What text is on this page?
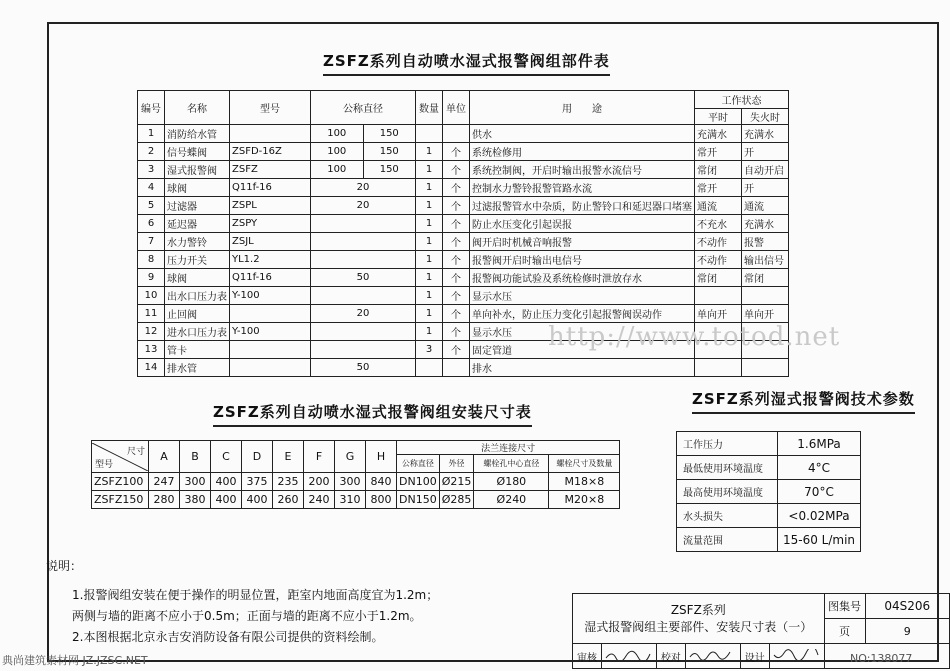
ZSFZ系列自动喷水湿式报警阀组部件表
编号	名称	型号	公称直径		数量	单位	用　　途	工作状态	
								平时	失火时
1	消防给水管		100	150			供水	充满水	充满水
2	信号蝶阀	ZSFD-16Z	100	150	1	个	系统检修用	常开	开
3	湿式报警阀	ZSFZ	100	150	1	个	系统控制阀，开启时输出报警水流信号	常闭	自动开启
4	球阀	Q11f-16	20		1	个	控制水力警铃报警管路水流	常开	开
5	过滤器	ZSPL	20		1	个	过滤报警管水中杂质，防止警铃口和延迟器口堵塞	通流	通流
6	延迟器	ZSPY			1	个	防止水压变化引起误报	不充水	充满水
7	水力警铃	ZSJL			1	个	阀开启时机械音响报警	不动作	报警
8	压力开关	YL1.2			1	个	报警阀开启时输出电信号	不动作	输出信号
9	球阀	Q11f-16	50		1	个	报警阀功能试验及系统检修时泄放存水	常闭	常闭
10	出水口压力表	Y-100			1	个	显示水压		
11	止回阀		20		1	个	单向补水，防止压力变化引起报警阀误动作	单向开	单向开
12	进水口压力表	Y-100			1	个	显示水压		
13	管卡				3	个	固定管道		
14	排水管		50				排水		
http://www.totod.net
ZSFZ系列自动喷水湿式报警阀组安装尺寸表
尺寸
型号	A	B	C	D	E	F	G	H	法兰连接尺寸			
									公称直径	外径	螺栓孔中心直径	螺栓尺寸及数量
ZSFZ100	247	300	400	375	235	200	300	840	DN100	Ø215	Ø180	M18×8
ZSFZ150	280	380	400	400	260	240	310	800	DN150	Ø285	Ø240	M20×8
ZSFZ系列湿式报警阀技术参数
工作压力	1.6MPa
最低使用环境温度	4°C
最高使用环境温度	70°C
水头损失	<0.02MPa
流量范围	15-60 L/min
说明：
1.报警阀组安装在便于操作的明显位置，距室内地面高度宜为1.2m；
两侧与墙的距离不应小于0.5m；正面与墙的距离不应小于1.2m。
2.本图根据北京永吉安消防设备有限公司提供的资料绘制。
ZSFZ系列
湿式报警阀组主要部件、安装尺寸表（一）						图集号	04S206
						页	9
审核		校对		设计		
典尚建筑素材网 JZ.JZSC.NET	NO:138077
